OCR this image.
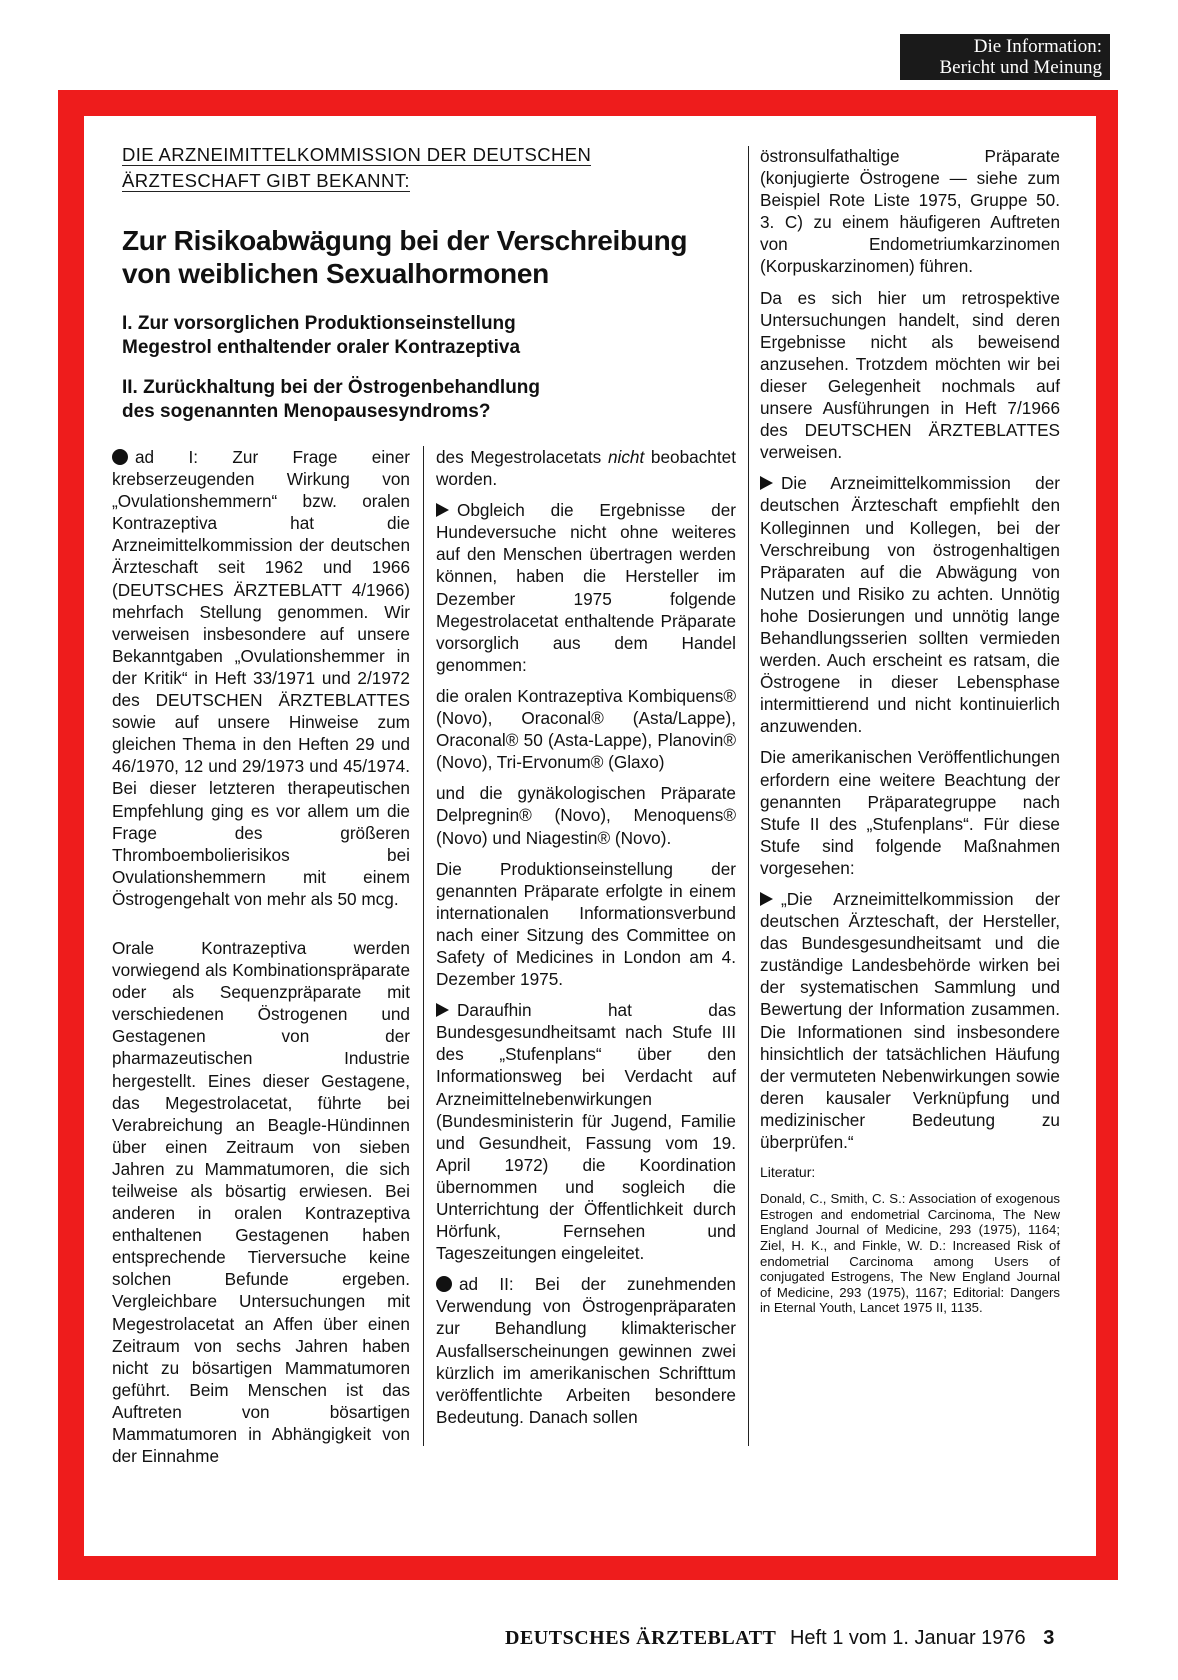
Die Information:
Bericht und Meinung

DIE ARZNEIMITTELKOMMISSION DER DEUTSCHEN
ÄRZTESCHAFT GIBT BEKANNT:

Zur Risikoabwägung bei der Verschreibung
von weiblichen Sexualhormonen
I. Zur vorsorglichen Produktionseinstellung
Megestrol enthaltender oraler Kontrazeptiva
II. Zurückhaltung bei der Östrogenbehandlung
des sogenannten Menopausesyndroms?

ad I: Zur Frage einer krebserzeugenden Wirkung von „Ovulationshemmern“ bzw. oralen Kontrazeptiva hat die Arzneimittelkommission der deutschen Ärzteschaft seit 1962 und 1966 (DEUTSCHES ÄRZTEBLATT 4/1966) mehrfach Stellung genommen. Wir verweisen insbesondere auf unsere Bekanntgaben „Ovulationshemmer in der Kritik“ in Heft 33/1971 und 2/1972 des DEUTSCHEN ÄRZTEBLATTES sowie auf unsere Hinweise zum gleichen Thema in den Heften 29 und 46/1970, 12 und 29/1973 und 45/1974. Bei dieser letzteren therapeutischen Empfehlung ging es vor allem um die Frage des größeren Thromboembolierisikos bei Ovulationshemmern mit einem Östrogengehalt von mehr als 50 mcg.

Orale Kontrazeptiva werden vorwiegend als Kombinationspräparate oder als Sequenzpräparate mit verschiedenen Östrogenen und Gestagenen von der pharmazeutischen Industrie hergestellt. Eines dieser Gestagene, das Megestrolacetat, führte bei Verabreichung an Beagle-Hündinnen über einen Zeitraum von sieben Jahren zu Mammatumoren, die sich teilweise als bösartig erwiesen. Bei anderen in oralen Kontrazeptiva enthaltenen Gestagenen haben entsprechende Tierversuche keine solchen Befunde ergeben. Vergleichbare Untersuchungen mit Megestrolacetat an Affen über einen Zeitraum von sechs Jahren haben nicht zu bösartigen Mammatumoren geführt. Beim Menschen ist das Auftreten von bösartigen Mammatumoren in Abhängigkeit von der Einnahme

des Megestrolacetats nicht beobachtet worden.

Obgleich die Ergebnisse der Hundeversuche nicht ohne weiteres auf den Menschen übertragen werden können, haben die Hersteller im Dezember 1975 folgende Megestrolacetat enthaltende Präparate vorsorglich aus dem Handel genommen:

die oralen Kontrazeptiva Kombiquens® (Novo), Oraconal® (Asta/Lappe), Oraconal® 50 (Asta-Lappe), Planovin® (Novo), Tri-Ervonum® (Glaxo)

und die gynäkologischen Präparate Delpregnin® (Novo), Menoquens® (Novo) und Niagestin® (Novo).

Die Produktionseinstellung der genannten Präparate erfolgte in einem internationalen Informationsverbund nach einer Sitzung des Committee on Safety of Medicines in London am 4. Dezember 1975.

Daraufhin hat das Bundesgesundheitsamt nach Stufe III des „Stufenplans“ über den Informationsweg bei Verdacht auf Arzneimittelnebenwirkungen (Bundesministerin für Jugend, Familie und Gesundheit, Fassung vom 19. April 1972) die Koordination übernommen und sogleich die Unterrichtung der Öffentlichkeit durch Hörfunk, Fernsehen und Tageszeitungen eingeleitet.

ad II: Bei der zunehmenden Verwendung von Östrogenpräparaten zur Behandlung klimakterischer Ausfallserscheinungen gewinnen zwei kürzlich im amerikanischen Schrifttum veröffentlichte Arbeiten besondere Bedeutung. Danach sollen

östronsulfathaltige Präparate (konjugierte Östrogene — siehe zum Beispiel Rote Liste 1975, Gruppe 50. 3. C) zu einem häufigeren Auftreten von Endometriumkarzinomen (Korpuskarzinomen) führen.

Da es sich hier um retrospektive Untersuchungen handelt, sind deren Ergebnisse nicht als beweisend anzusehen. Trotzdem möchten wir bei dieser Gelegenheit nochmals auf unsere Ausführungen in Heft 7/1966 des DEUTSCHEN ÄRZTEBLATTES verweisen.

Die Arzneimittelkommission der deutschen Ärzteschaft empfiehlt den Kolleginnen und Kollegen, bei der Verschreibung von östrogenhaltigen Präparaten auf die Abwägung von Nutzen und Risiko zu achten. Unnötig hohe Dosierungen und unnötig lange Behandlungsserien sollten vermieden werden. Auch erscheint es ratsam, die Östrogene in dieser Lebensphase intermittierend und nicht kontinuierlich anzuwenden.

Die amerikanischen Veröffentlichungen erfordern eine weitere Beachtung der genannten Präparategruppe nach Stufe II des „Stufenplans“. Für diese Stufe sind folgende Maßnahmen vorgesehen:

„Die Arzneimittelkommission der deutschen Ärzteschaft, der Hersteller, das Bundesgesundheitsamt und die zuständige Landesbehörde wirken bei der systematischen Sammlung und Bewertung der Information zusammen. Die Informationen sind insbesondere hinsichtlich der tatsächlichen Häufung der vermuteten Nebenwirkungen sowie deren kausaler Verknüpfung und medizinischer Bedeutung zu überprüfen.“

Literatur:

Donald, C., Smith, C. S.: Association of exogenous Estrogen and endometrial Carcinoma, The New England Journal of Medicine, 293 (1975), 1164; Ziel, H. K., and Finkle, W. D.: Increased Risk of endometrial Carcinoma among Users of conjugated Estrogens, The New England Journal of Medicine, 293 (1975), 1167; Editorial: Dangers in Eternal Youth, Lancet 1975 II, 1135.

DEUTSCHES ÄRZTEBLATT Heft 1 vom 1. Januar 1976 3
